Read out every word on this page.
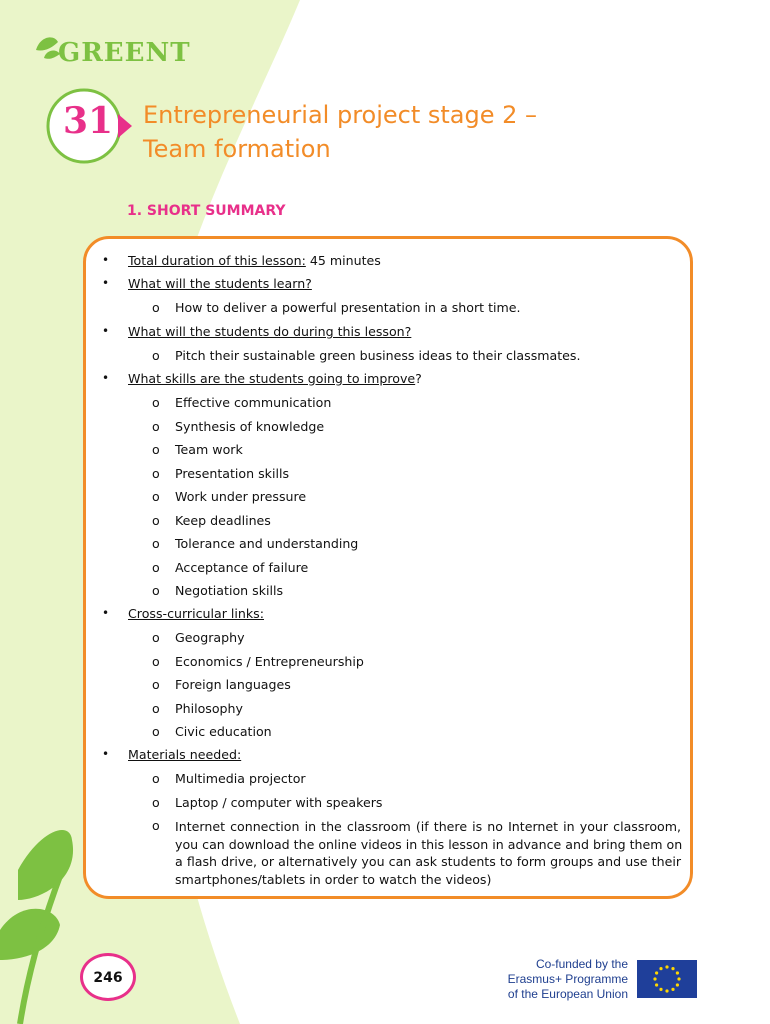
GREENT
31 Entrepreneurial project stage 2 –
Team formation
1. SHORT SUMMARY
• Total duration of this lesson: 45 minutes
• What will the students learn?
o How to deliver a powerful presentation in a short time.
• What will the students do during this lesson?
o Pitch their sustainable green business ideas to their classmates.
• What skills are the students going to improve?
o Effective communication
o Synthesis of knowledge
o Team work
o Presentation skills
o Work under pressure
o Keep deadlines
o Tolerance and understanding
o Acceptance of failure
o Negotiation skills
• Cross-curricular links:
o Geography
o Economics / Entrepreneurship
o Foreign languages
o Philosophy
o Civic education
• Materials needed:
o Multimedia projector
o Laptop / computer with speakers
o Internet connection in the classroom (if there is no Internet in your classroom,
you can download the online videos in this lesson in advance and bring them on
a flash drive, or alternatively you can ask students to form groups and use their
smartphones/tablets in order to watch the videos)
246
Co-funded by the
Erasmus+ Programme
of the European Union
